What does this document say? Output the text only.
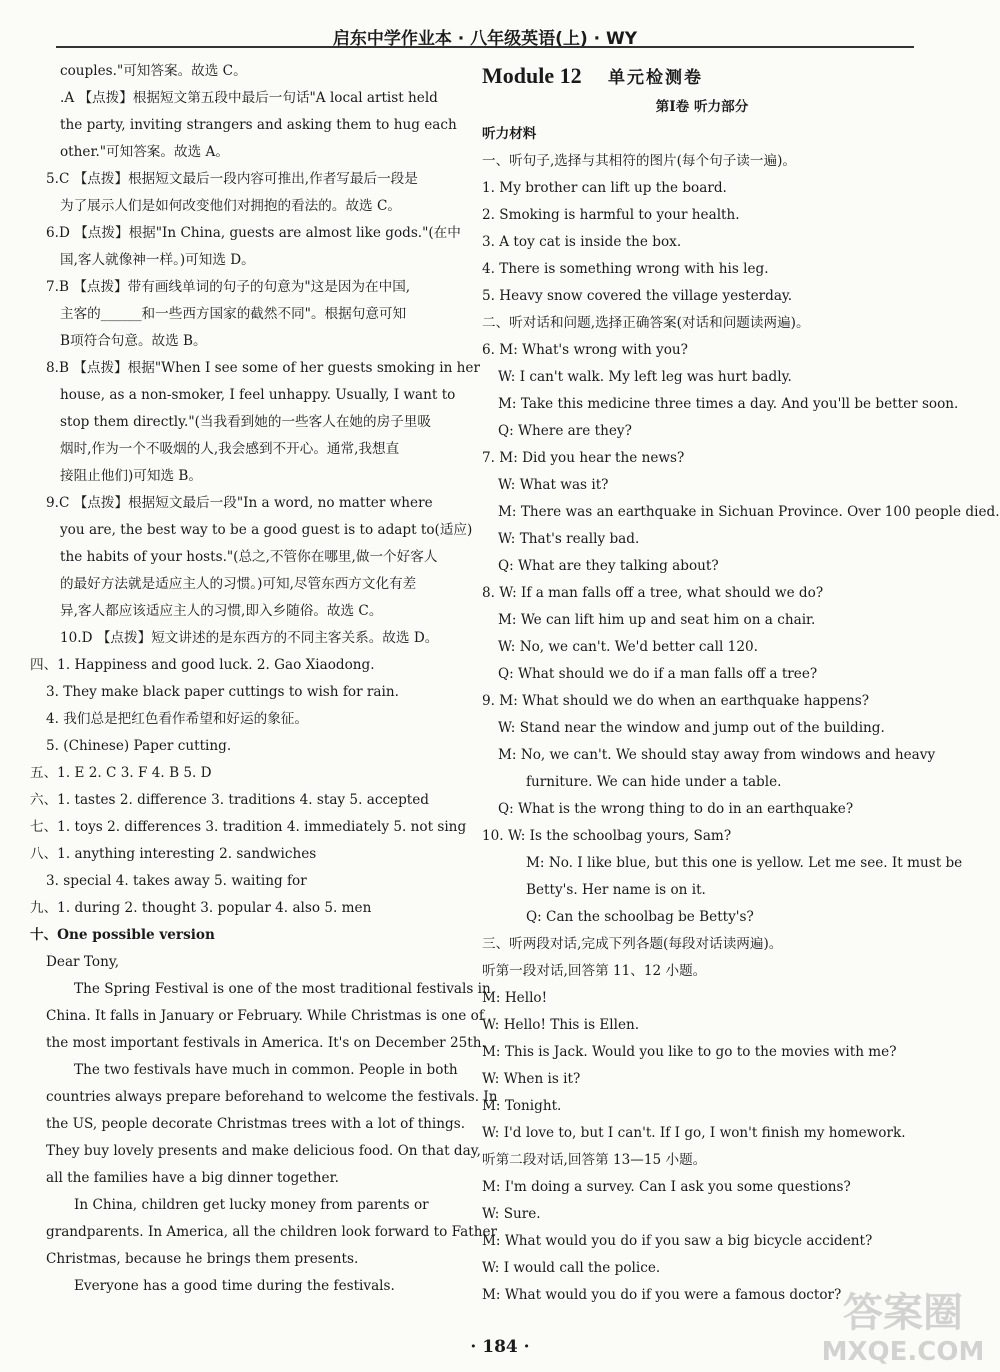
启东中学作业本 · 八年级英语(上) · WY
couples."可知答案。故选 C。
.A 【点拨】根据短文第五段中最后一句话"A local artist held
the party, inviting strangers and asking them to hug each
other."可知答案。故选 A。
5.C 【点拨】根据短文最后一段内容可推出,作者写最后一段是
为了展示人们是如何改变他们对拥抱的看法的。故选 C。
6.D 【点拨】根据"In China, guests are almost like gods."(在中
国,客人就像神一样。)可知选 D。
7.B 【点拨】带有画线单词的句子的句意为"这是因为在中国,
主客的______和一些西方国家的截然不同"。根据句意可知
B项符合句意。故选 B。
8.B 【点拨】根据"When I see some of her guests smoking in her
house, as a non-smoker, I feel unhappy. Usually, I want to
stop them directly."(当我看到她的一些客人在她的房子里吸
烟时,作为一个不吸烟的人,我会感到不开心。通常,我想直
接阻止他们)可知选 B。
9.C 【点拨】根据短文最后一段"In a word, no matter where
you are, the best way to be a good guest is to adapt to(适应)
the habits of your hosts."(总之,不管你在哪里,做一个好客人
的最好方法就是适应主人的习惯。)可知,尽管东西方文化有差
异,客人都应该适应主人的习惯,即入乡随俗。故选 C。
10.D 【点拨】短文讲述的是东西方的不同主客关系。故选 D。
四、1. Happiness and good luck. 2. Gao Xiaodong.
3. They make black paper cuttings to wish for rain.
4. 我们总是把红色看作希望和好运的象征。
5. (Chinese) Paper cutting.
五、1. E 2. C 3. F 4. B 5. D
六、1. tastes 2. difference 3. traditions 4. stay 5. accepted
七、1. toys 2. differences 3. tradition 4. immediately 5. not sing
八、1. anything interesting 2. sandwiches
3. special 4. takes away 5. waiting for
九、1. during 2. thought 3. popular 4. also 5. men
十、One possible version
Dear Tony,
The Spring Festival is one of the most traditional festivals in
China. It falls in January or February. While Christmas is one of
the most important festivals in America. It's on December 25th.
The two festivals have much in common. People in both
countries always prepare beforehand to welcome the festivals. In
the US, people decorate Christmas trees with a lot of things.
They buy lovely presents and make delicious food. On that day,
all the families have a big dinner together.
In China, children get lucky money from parents or
grandparents. In America, all the children look forward to Father
Christmas, because he brings them presents.
Everyone has a good time during the festivals.
Module 12 单元检测卷
第Ⅰ卷 听力部分
听力材料
一、听句子,选择与其相符的图片(每个句子读一遍)。
1. My brother can lift up the board.
2. Smoking is harmful to your health.
3. A toy cat is inside the box.
4. There is something wrong with his leg.
5. Heavy snow covered the village yesterday.
二、听对话和问题,选择正确答案(对话和问题读两遍)。
6. M: What's wrong with you?
W: I can't walk. My left leg was hurt badly.
M: Take this medicine three times a day. And you'll be better soon.
Q: Where are they?
7. M: Did you hear the news?
W: What was it?
M: There was an earthquake in Sichuan Province. Over 100 people died.
W: That's really bad.
Q: What are they talking about?
8. W: If a man falls off a tree, what should we do?
M: We can lift him up and seat him on a chair.
W: No, we can't. We'd better call 120.
Q: What should we do if a man falls off a tree?
9. M: What should we do when an earthquake happens?
W: Stand near the window and jump out of the building.
M: No, we can't. We should stay away from windows and heavy
furniture. We can hide under a table.
Q: What is the wrong thing to do in an earthquake?
10. W: Is the schoolbag yours, Sam?
M: No. I like blue, but this one is yellow. Let me see. It must be
Betty's. Her name is on it.
Q: Can the schoolbag be Betty's?
三、听两段对话,完成下列各题(每段对话读两遍)。
听第一段对话,回答第 11、12 小题。
M: Hello!
W: Hello! This is Ellen.
M: This is Jack. Would you like to go to the movies with me?
W: When is it?
M: Tonight.
W: I'd love to, but I can't. If I go, I won't finish my homework.
听第二段对话,回答第 13—15 小题。
M: I'm doing a survey. Can I ask you some questions?
W: Sure.
M: What would you do if you saw a big bicycle accident?
W: I would call the police.
M: What would you do if you were a famous doctor?
· 184 ·
答案圈
MXQE.COM
